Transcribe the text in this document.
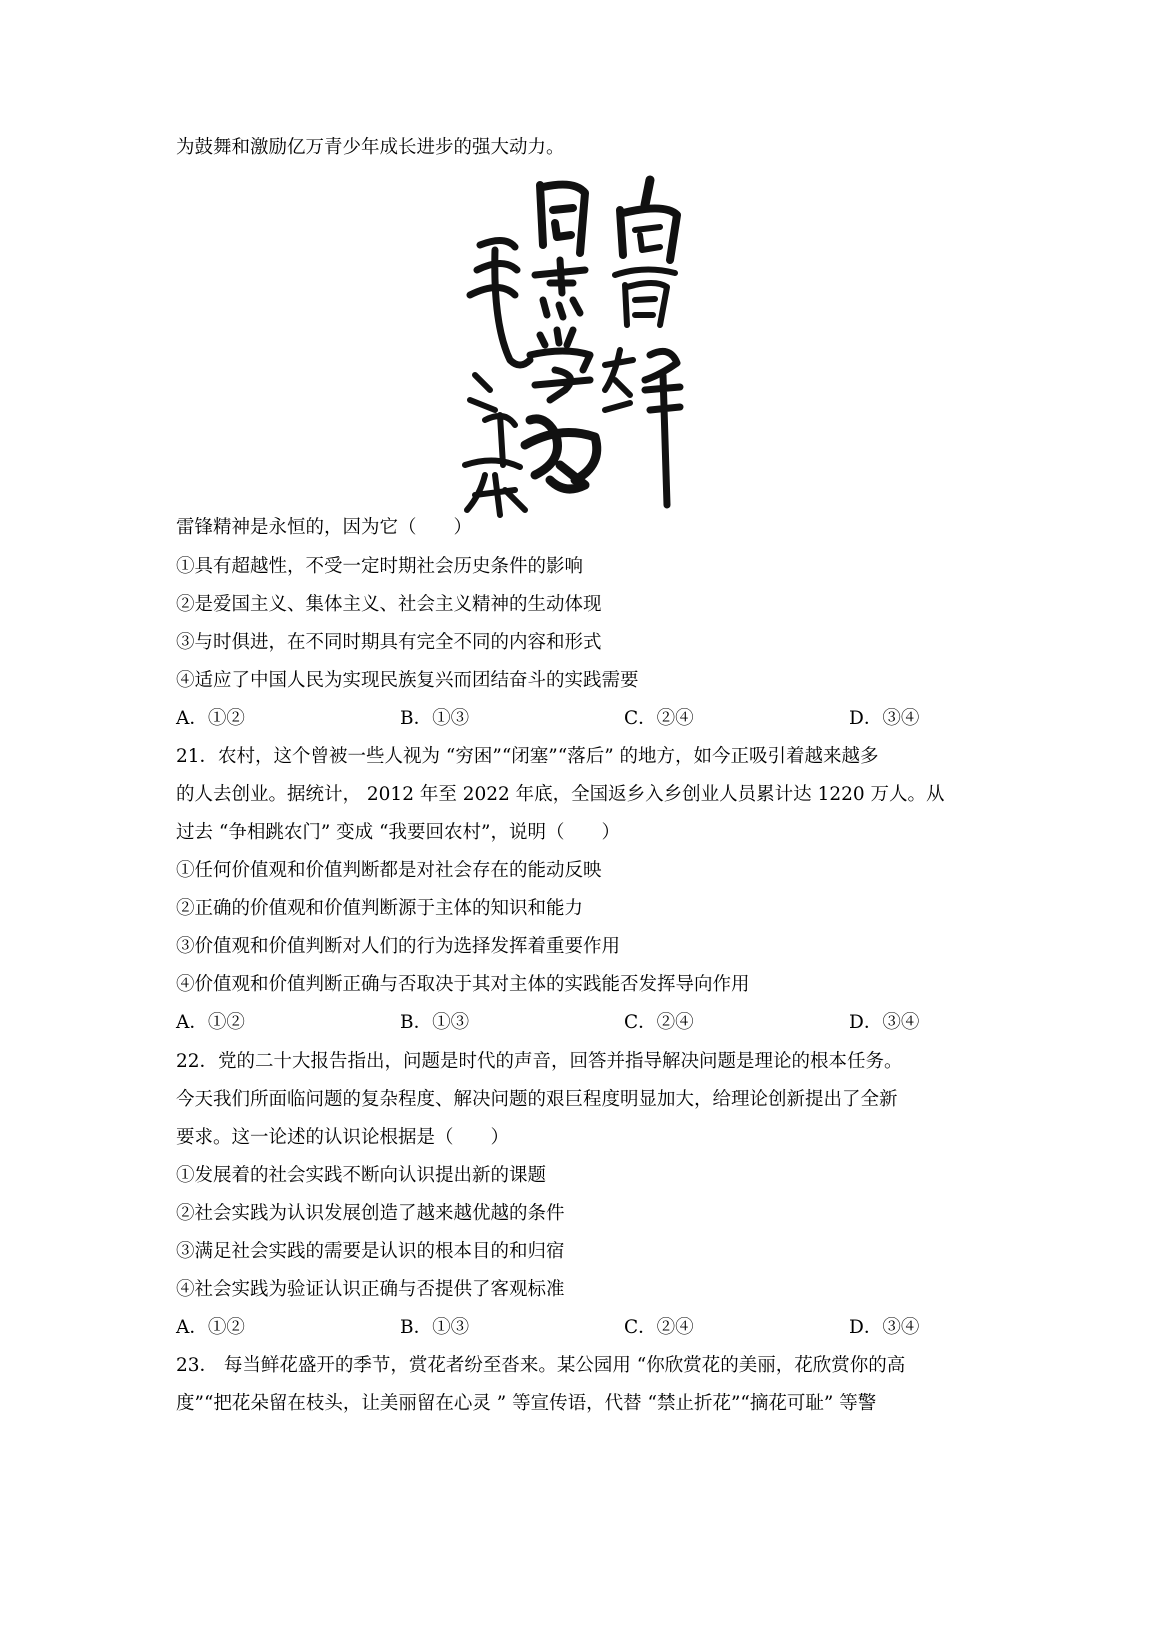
为鼓舞和激励亿万青少年成长进步的强大动力。
雷锋精神是永恒的，因为它（　　）
①具有超越性，不受一定时期社会历史条件的影响
②是爱国主义、集体主义、社会主义精神的生动体现
③与时俱进，在不同时期具有完全不同的内容和形式
④适应了中国人民为实现民族复兴而团结奋斗的实践需要
A．①②	B．①③	C．②④	D．③④
21．农村，这个曾被一些人视为 “穷困”“闭塞”“落后” 的地方，如今正吸引着越来越多
的人去创业。据统计， 2012 年至 2022 年底，全国返乡入乡创业人员累计达 1220 万人。从
过去 “争相跳农门” 变成 “我要回农村”，说明（　　）
①任何价值观和价值判断都是对社会存在的能动反映
②正确的价值观和价值判断源于主体的知识和能力
③价值观和价值判断对人们的行为选择发挥着重要作用
④价值观和价值判断正确与否取决于其对主体的实践能否发挥导向作用
A．①②	B．①③	C．②④	D．③④
22．党的二十大报告指出，问题是时代的声音，回答并指导解决问题是理论的根本任务。
今天我们所面临问题的复杂程度、解决问题的艰巨程度明显加大，给理论创新提出了全新
要求。这一论述的认识论根据是（　　）
①发展着的社会实践不断向认识提出新的课题
②社会实践为认识发展创造了越来越优越的条件
③满足社会实践的需要是认识的根本目的和归宿
④社会实践为验证认识正确与否提供了客观标准
A．①②	B．①③	C．②④	D．③④
23． 每当鲜花盛开的季节，赏花者纷至沓来。某公园用 “你欣赏花的美丽，花欣赏你的高
度”“把花朵留在枝头，让美丽留在心灵 ” 等宣传语，代替 “禁止折花”“摘花可耻” 等警
